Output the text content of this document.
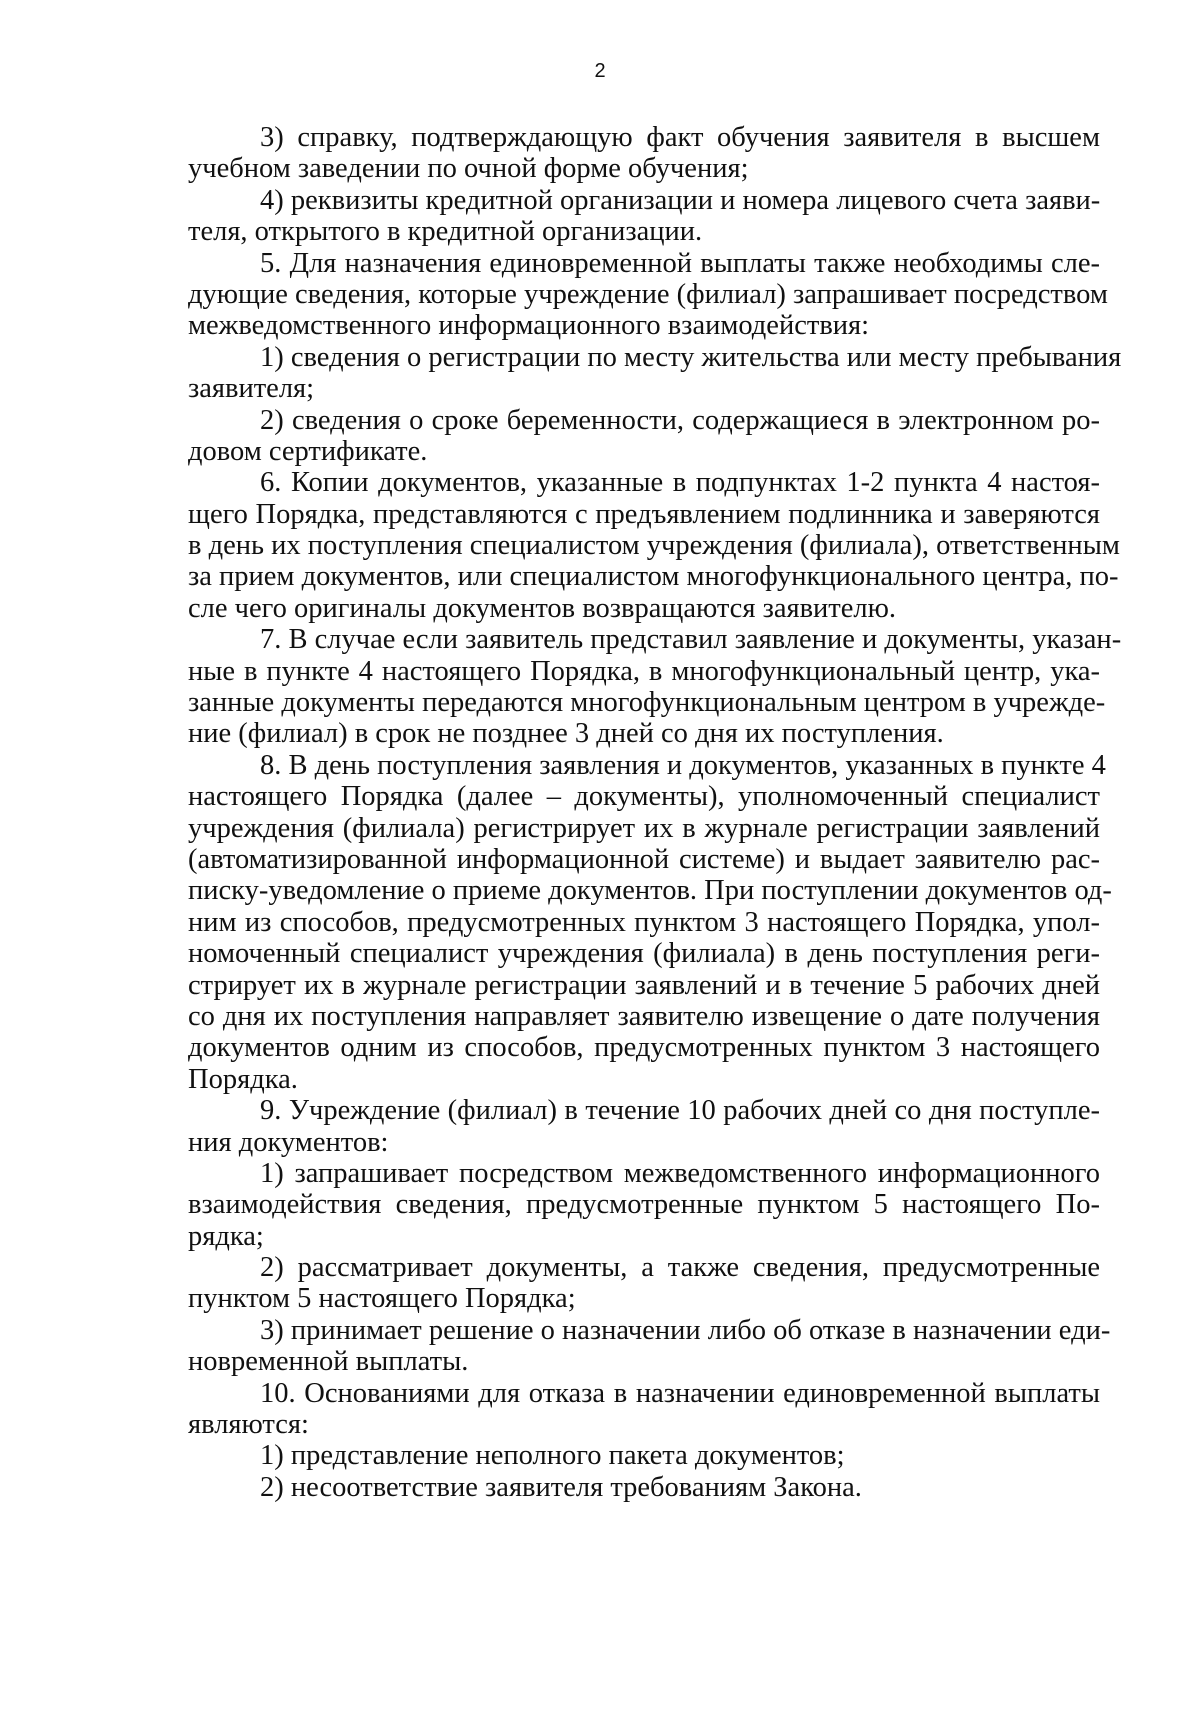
2
3) справку, подтверждающую факт обучения заявителя в высшем
учебном заведении по очной форме обучения;
4) реквизиты кредитной организации и номера лицевого счета заяви-
теля, открытого в кредитной организации.
5. Для назначения единовременной выплаты также необходимы сле-
дующие сведения, которые учреждение (филиал) запрашивает посредством
межведомственного информационного взаимодействия:
1) сведения о регистрации по месту жительства или месту пребывания
заявителя;
2) сведения о сроке беременности, содержащиеся в электронном ро-
довом сертификате.
6. Копии документов, указанные в подпунктах 1-2 пункта 4 настоя-
щего Порядка, представляются с предъявлением подлинника и заверяются
в день их поступления специалистом учреждения (филиала), ответственным
за прием документов, или специалистом многофункционального центра, по-
сле чего оригиналы документов возвращаются заявителю.
7. В случае если заявитель представил заявление и документы, указан-
ные в пункте 4 настоящего Порядка, в многофункциональный центр, ука-
занные документы передаются многофункциональным центром в учрежде-
ние (филиал) в срок не позднее 3 дней со дня их поступления.
8. В день поступления заявления и документов, указанных в пункте 4
настоящего Порядка (далее – документы), уполномоченный специалист
учреждения (филиала) регистрирует их в журнале регистрации заявлений
(автоматизированной информационной системе) и выдает заявителю рас-
писку-уведомление о приеме документов. При поступлении документов од-
ним из способов, предусмотренных пунктом 3 настоящего Порядка, упол-
номоченный специалист учреждения (филиала) в день поступления реги-
стрирует их в журнале регистрации заявлений и в течение 5 рабочих дней
со дня их поступления направляет заявителю извещение о дате получения
документов одним из способов, предусмотренных пунктом 3 настоящего
Порядка.
9. Учреждение (филиал) в течение 10 рабочих дней со дня поступле-
ния документов:
1) запрашивает посредством межведомственного информационного
взаимодействия сведения, предусмотренные пунктом 5 настоящего По-
рядка;
2) рассматривает документы, а также сведения, предусмотренные
пунктом 5 настоящего Порядка;
3) принимает решение о назначении либо об отказе в назначении еди-
новременной выплаты.
10. Основаниями для отказа в назначении единовременной выплаты
являются:
1) представление неполного пакета документов;
2) несоответствие заявителя требованиям Закона.
